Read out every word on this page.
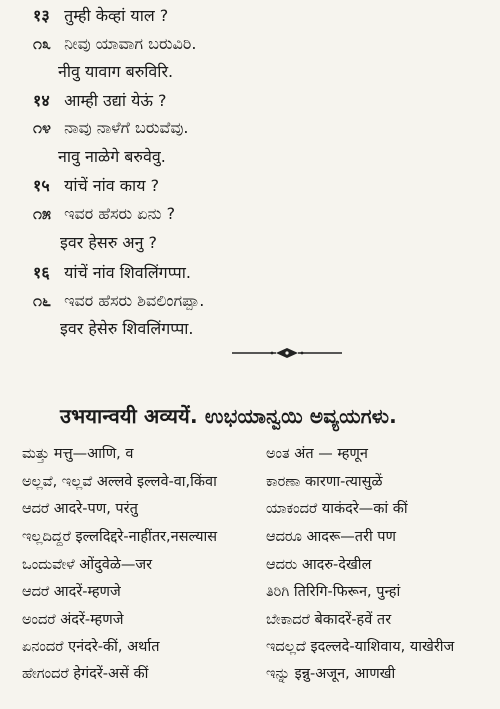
१३ तुम्ही केव्हां याल ?
೧೩ ನೀವು ಯಾವಾಗ ಬರುವಿರಿ.
नीवु यावाग बरुविरि.
१४ आम्ही उद्यां येऊं ?
೧೪ ನಾವು ನಾಳೆಗೆ ಬರುವೆವು.
नावु नाळेगे बरुवेवु.
१५ यांचें नांव काय ?
೧೫ ಇವರ ಹೆಸರು ಏನು ?
इवर हेसरु अनु ?
१६ यांचें नांव शिवलिंगप्पा.
೧೬ ಇವರ ಹೆಸರು ಶಿವಲಿಂಗಪ್ಪಾ.
इवर हेसेरु शिवलिंगप्पा.
उभयान्वयी अव्ययें. ಉಭಯಾನ್ವಯಿ ಅವ್ಯಯಗಳು.
ಮತ್ತು मत्तु—आणि, व	ಅಂತ अंत — म्हणून
ಅಲ್ಲವೆ, ಇಲ್ಲವೆ अल्लवे इल्लवे-वा,किंवा	ಕಾರಣಾ कारणा-त्यासुळें
ಆದರೆ आदरे-पण, परंतु	ಯಾಕಂದರೆ याकंदरे—कां कीं
ಇಲ್ಲದಿದ್ದರೆ इल्लदिद्दरे-नाहींतर,नसल्यास	ಆದರೂ आदरू—तरी पण
ಒಂದುವೇಳೆ ओंदुवेळे—जर	ಆದರು आदरु-देखील
ಆದರೆ आदरें-म्हणजे	ತಿರಿಗಿ तिरिगि-फिरून, पुन्हां
ಅಂದರೆ अंदरें-म्हणजे	ಬೇಕಾದರೆ बेकादरें-हवें तर
ಏನಂದರೆ एनंदरे-कीं, अर्थात	ಇದಲ್ಲದೆ इदल्लदे-याशिवाय, याखेरीज
ಹೇಗಂದರೆ हेगंदरें-असें कीं	ಇನ್ನು इन्नु-अजून, आणखी
